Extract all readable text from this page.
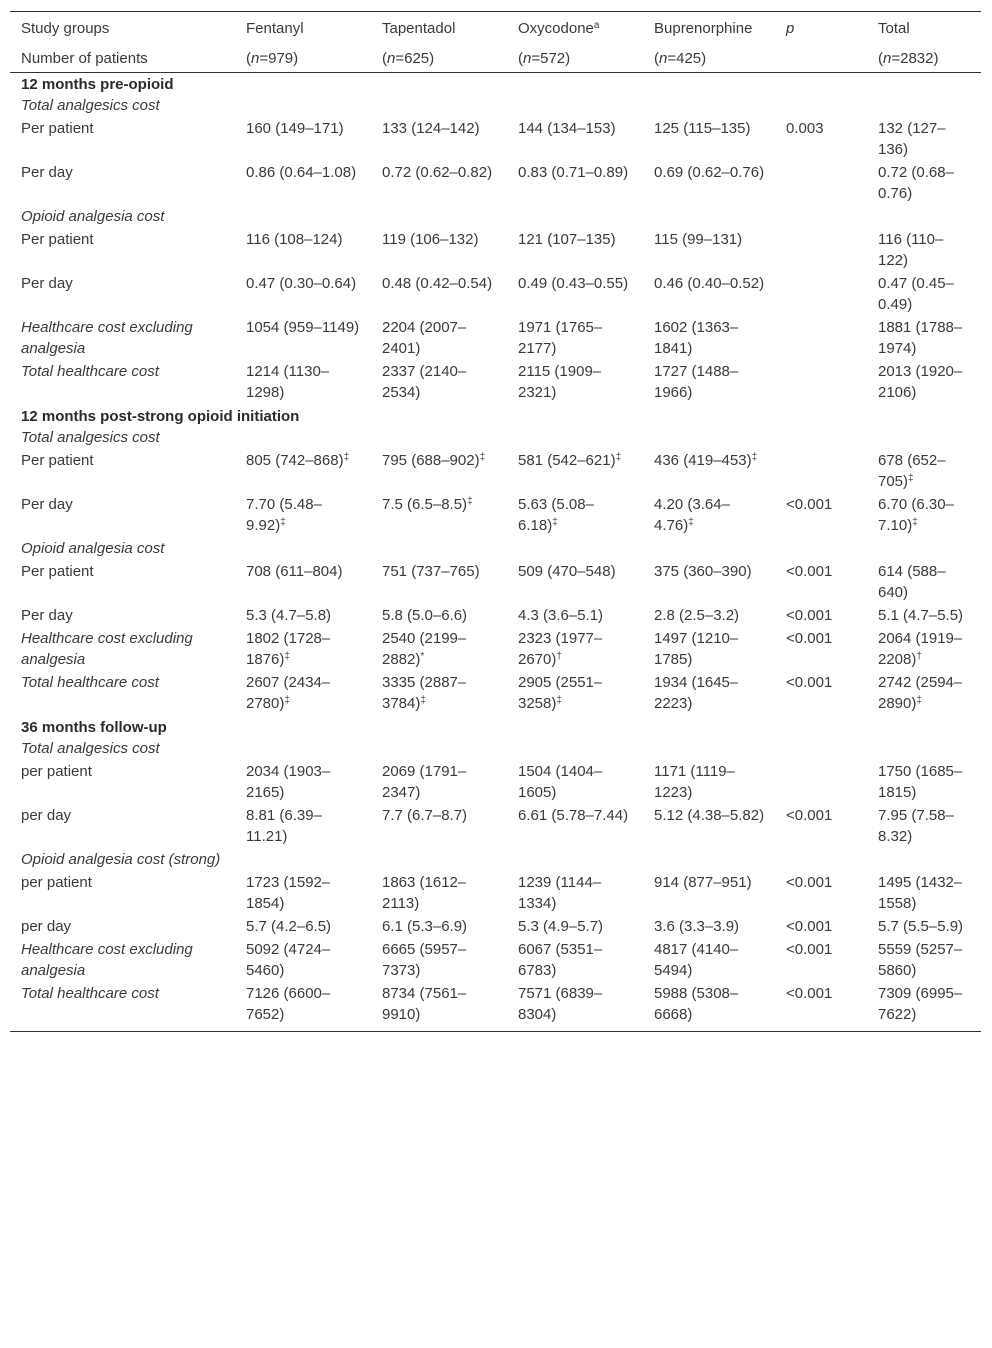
Study groups	Fentanyl	Tapentadol	Oxycodone$^a$	Buprenorphine	p	Total
Number of patients	(n=979)	(n=625)	(n=572)	(n=425)		(n=2832)
12 months pre-opioid						
Total analgesics cost						
Per patient	160 (149–171)	133 (124–142)	144 (134–153)	125 (115–135)	0.003	132 (127–136)
Per day	0.86 (0.64–1.08)	0.72 (0.62–0.82)	0.83 (0.71–0.89)	0.69 (0.62–0.76)		0.72 (0.68–0.76)
Opioid analgesia cost						
Per patient	116 (108–124)	119 (106–132)	121 (107–135)	115 (99–131)		116 (110–122)
Per day	0.47 (0.30–0.64)	0.48 (0.42–0.54)	0.49 (0.43–0.55)	0.46 (0.40–0.52)		0.47 (0.45–0.49)
Healthcare cost excluding analgesia	1054 (959–1149)	2204 (2007–2401)	1971 (1765–2177)	1602 (1363–1841)		1881 (1788–1974)
Total healthcare cost	1214 (1130–1298)	2337 (2140–2534)	2115 (1909–2321)	1727 (1488–1966)		2013 (1920–2106)
12 months post-strong opioid initiation						
Total analgesics cost						
Per patient	805 (742–868)‡	795 (688–902)‡	581 (542–621)‡	436 (419–453)‡		678 (652–705)‡
Per day	7.70 (5.48–9.92)‡	7.5 (6.5–8.5)‡	5.63 (5.08–6.18)‡	4.20 (3.64–4.76)‡	<0.001	6.70 (6.30–7.10)‡
Opioid analgesia cost						
Per patient	708 (611–804)	751 (737–765)	509 (470–548)	375 (360–390)	<0.001	614 (588–640)
Per day	5.3 (4.7–5.8)	5.8 (5.0–6.6)	4.3 (3.6–5.1)	2.8 (2.5–3.2)	<0.001	5.1 (4.7–5.5)
Healthcare cost excluding analgesia	1802 (1728–1876)‡	2540 (2199–2882)*	2323 (1977–2670)†	1497 (1210–1785)	<0.001	2064 (1919–2208)†
Total healthcare cost	2607 (2434–2780)‡	3335 (2887–3784)‡	2905 (2551–3258)‡	1934 (1645–2223)	<0.001	2742 (2594–2890)‡
36 months follow-up						
Total analgesics cost						
per patient	2034 (1903–2165)	2069 (1791–2347)	1504 (1404–1605)	1171 (1119–1223)		1750 (1685–1815)
per day	8.81 (6.39–11.21)	7.7 (6.7–8.7)	6.61 (5.78–7.44)	5.12 (4.38–5.82)	<0.001	7.95 (7.58–8.32)
Opioid analgesia cost (strong)						
per patient	1723 (1592–1854)	1863 (1612–2113)	1239 (1144–1334)	914 (877–951)	<0.001	1495 (1432–1558)
per day	5.7 (4.2–6.5)	6.1 (5.3–6.9)	5.3 (4.9–5.7)	3.6 (3.3–3.9)	<0.001	5.7 (5.5–5.9)
Healthcare cost excluding analgesia	5092 (4724–5460)	6665 (5957–7373)	6067 (5351–6783)	4817 (4140–5494)	<0.001	5559 (5257–5860)
Total healthcare cost	7126 (6600–7652)	8734 (7561–9910)	7571 (6839–8304)	5988 (5308–6668)	<0.001	7309 (6995–7622)
